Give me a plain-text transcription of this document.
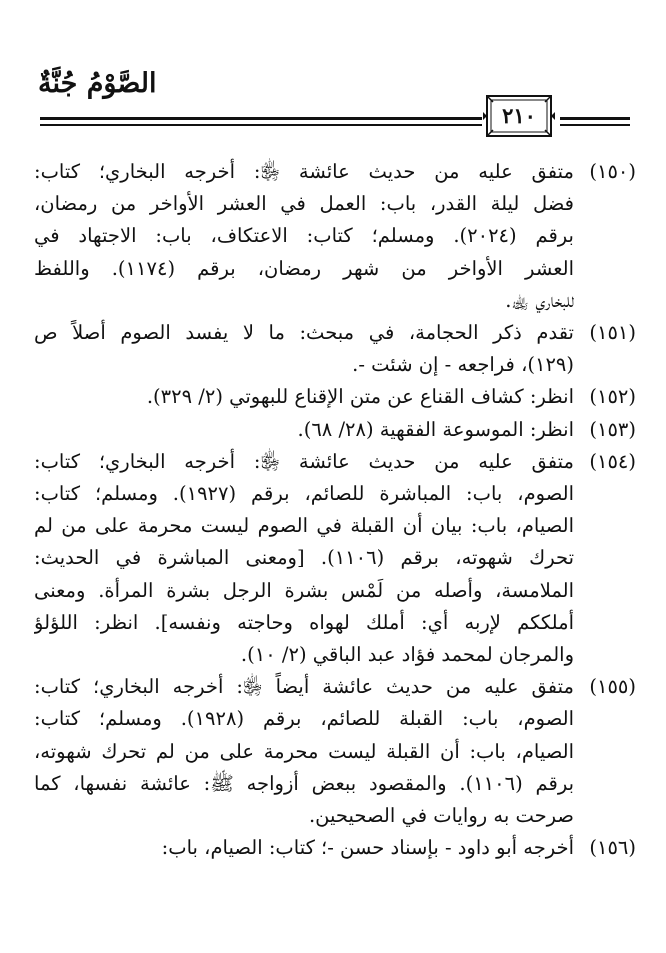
الصَّوْمُ جُنَّةٌ
٢١٠
(١٥٠)
متفق عليه من حديث عائشة ﵂: أخرجه البخاري؛ كتاب:
فضل ليلة القدر، باب: العمل في العشر الأواخر من رمضان،
برقم (٢٠٢٤). ومسلم؛ كتاب: الاعتكاف، باب: الاجتهاد في
العشر الأواخر من شهر رمضان، برقم (١١٧٤). واللفظ
للبخاري ﵀.
(١٥١)
تقدم ذكر الحجامة، في مبحث: ما لا يفسد الصوم أصلاً ص
(١٢٩)، فراجعه - إن شئت -.
(١٥٢)
انظر: كشاف القناع عن متن الإقناع للبهوتي (٢/ ٣٢٩).
(١٥٣)
انظر: الموسوعة الفقهية (٢٨/ ٦٨).
(١٥٤)
متفق عليه من حديث عائشة ﵂: أخرجه البخاري؛ كتاب:
الصوم، باب: المباشرة للصائم، برقم (١٩٢٧). ومسلم؛ كتاب:
الصيام، باب: بيان أن القبلة في الصوم ليست محرمة على من لم
تحرك شهوته، برقم (١١٠٦). [ومعنى المباشرة في الحديث:
الملامسة، وأصله من لَمْس بشرة الرجل بشرة المرأة. ومعنى
أملككم لإربه أي: أملك لهواه وحاجته ونفسه]. انظر: اللؤلؤ
والمرجان لمحمد فؤاد عبد الباقي (٢/ ١٠).
(١٥٥)
متفق عليه من حديث عائشة أيضاً ﵂: أخرجه البخاري؛ كتاب:
الصوم، باب: القبلة للصائم، برقم (١٩٢٨). ومسلم؛ كتاب:
الصيام، باب: أن القبلة ليست محرمة على من لم تحرك شهوته،
برقم (١١٠٦). والمقصود ببعض أزواجه ﷺ: عائشة نفسها، كما
صرحت به روايات في الصحيحين.
(١٥٦)
أخرجه أبو داود - بإسناد حسن -؛ كتاب: الصيام، باب:
